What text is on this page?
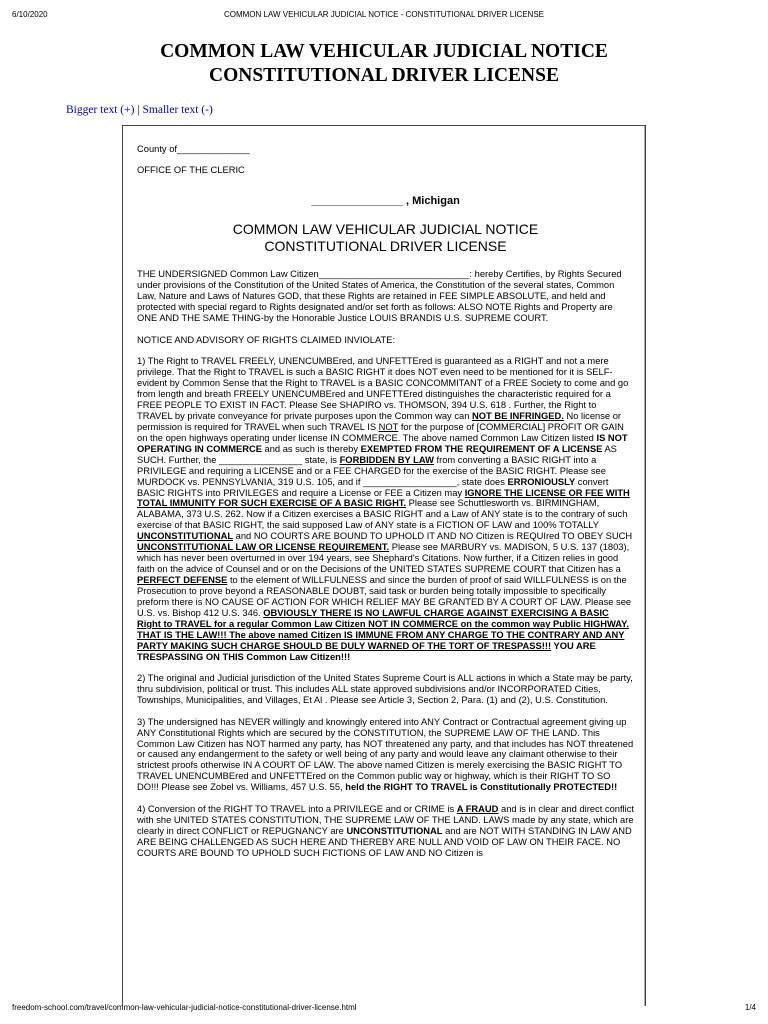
6/10/2020	COMMON LAW VEHICULAR JUDICIAL NOTICE - CONSTITUTIONAL DRIVER LICENSE
COMMON LAW VEHICULAR JUDICIAL NOTICE
CONSTITUTIONAL DRIVER LICENSE
Bigger text (+) | Smaller text (-)

County of______________

OFFICE OF THE CLERIC

_______________ , Michigan

COMMON LAW VEHICULAR JUDICIAL NOTICE
CONSTITUTIONAL DRIVER LICENSE

THE UNDERSIGNED Common Law Citizen_____________________________: hereby Certifies, by Rights Secured under provisions of the Constitution of the United States of America, the Constitution of the several states, Common Law, Nature and Laws of Natures GOD, that these Rights are retained in FEE SIMPLE ABSOLUTE, and held and protected with special regard to Rights designated and/or set forth as follows: ALSO NOTE Rights and Property are ONE AND THE SAME THING-by the Honorable Justice LOUIS BRANDIS U.S. SUPREME COURT.

NOTICE AND ADVISORY OF RIGHTS CLAIMED INVIOLATE:

1) The Right to TRAVEL FREELY, UNENCUMBEred, and UNFETTEred is guaranteed as a RIGHT and not a mere privilege. That the Right to TRAVEL is such a BASIC RIGHT it does NOT even need to be mentioned for it is SELF-evident by Common Sense that the Right to TRAVEL is a BASIC CONCOMMITANT of a FREE Society to come and go from length and breath FREELY UNENCUMBEred and UNFETTEred distinguishes the characteristic required for a FREE PEOPLE TO EXIST IN FACT. Please See SHAPIRO vs. THOMSON, 394 U.S. 618 . Further, the Right to TRAVEL by private conveyance for private purposes upon the Common way can NOT BE INFRINGED. No license or permission is required for TRAVEL when such TRAVEL IS NOT for the purpose of [COMMERCIAL] PROFIT OR GAIN on the open highways operating under license IN COMMERCE. The above named Common Law Citizen listed IS NOT OPERATING IN COMMERCE and as such is thereby EXEMPTED FROM THE REQUIREMENT OF A LICENSE AS SUCH. Further, the ________________ state, is FORBIDDEN BY LAW from converting a BASIC RIGHT into a PRIVILEGE and requiring a LICENSE and or a FEE CHARGED for the exercise of the BASIC RIGHT. Please see MURDOCK vs. PENNSYLVANIA, 319 U.S. 105, and if __________________, state does ERRONIOUSLY convert BASIC RIGHTS into PRIVILEGES and require a License or FEE a Citizen may IGNORE THE LICENSE OR FEE WITH TOTAL IMMUNITY FOR SUCH EXERCISE OF A BASIC RIGHT. Please see Schuttlesworth vs. BIRMINGHAM, ALABAMA, 373 U.S. 262. Now if a Citizen exercises a BASIC RIGHT and a Law of ANY state is to the contrary of such exercise of that BASIC RIGHT, the said supposed Law of ANY state is a FICTION OF LAW and 100% TOTALLY UNCONSTITUTIONAL and NO COURTS ARE BOUND TO UPHOLD IT AND NO Citizen is REQUIred TO OBEY SUCH UNCONSTITUTIONAL LAW OR LICENSE REQUIREMENT. Please see MARBURY vs. MADISON, 5 U.S. 137 (1803), which has never been overturned in over 194 years, see Shephard's Citations. Now further, if a Citizen relies in good faith on the advice of Counsel and or on the Decisions of the UNITED STATES SUPREME COURT that Citizen has a PERFECT DEFENSE to the element of WILLFULNESS and since the burden of proof of said WILLFULNESS is on the Prosecution to prove beyond a REASONABLE DOUBT, said task or burden being totally impossible to specifically preform there is NO CAUSE OF ACTION FOR WHICH RELIEF MAY BE GRANTED BY A COURT OF LAW. Please see U.S. vs. Bishop 412 U.S. 346. OBVIOUSLY THERE IS NO LAWFUL CHARGE AGAINST EXERCISING A BASIC Right to TRAVEL for a regular Common Law Citizen NOT IN COMMERCE on the common way Public HIGHWAY. THAT IS THE LAW!!! The above named Citizen IS IMMUNE FROM ANY CHARGE TO THE CONTRARY AND ANY PARTY MAKING SUCH CHARGE SHOULD BE DULY WARNED OF THE TORT OF TRESPASS!!! YOU ARE TRESPASSING ON THIS Common Law Citizen!!!

2) The original and Judicial jurisdiction of the United States Supreme Court is ALL actions in which a State may be party, thru subdivision, political or trust. This includes ALL state approved subdivisions and/or INCORPORATED Cities, Townships, Municipalities, and Villages, Et Al . Please see Article 3, Section 2, Para. (1) and (2), U.S. Constitution.

3) The undersigned has NEVER willingly and knowingly entered into ANY Contract or Contractual agreement giving up ANY Constitutional Rights which are secured by the CONSTITUTION, the SUPREME LAW OF THE LAND. This Common Law Citizen has NOT harmed any party, has NOT threatened any party, and that includes has NOT threatened or caused any endangerment to the safety or well being of any party and would leave any claimant otherwise to their strictest proofs otherwise IN A COURT OF LAW. The above named Citizen is merely exercising the BASIC RIGHT TO TRAVEL UNENCUMBEred and UNFETTEred on the Common public way or highway, which is their RIGHT TO SO DO!!! Please see Zobel vs. Williams, 457 U.S. 55, held the RIGHT TO TRAVEL is Constitutionally PROTECTED!!

4) Conversion of the RIGHT TO TRAVEL into a PRIVILEGE and or CRIME is A FRAUD and is in clear and direct conflict with she UNITED STATES CONSTITUTION, THE SUPREME LAW OF THE LAND. LAWS made by any state, which are clearly in direct CONFLICT or REPUGNANCY are UNCONSTITUTIONAL and are NOT WITH STANDING IN LAW AND ARE BEING CHALLENGED AS SUCH HERE AND THEREBY ARE NULL AND VOID OF LAW ON THEIR FACE. NO COURTS ARE BOUND TO UPHOLD SUCH FICTIONS OF LAW AND NO Citizen is

freedom-school.com/travel/common-law-vehicular-judicial-notice-constitutional-driver-license.html	1/4
